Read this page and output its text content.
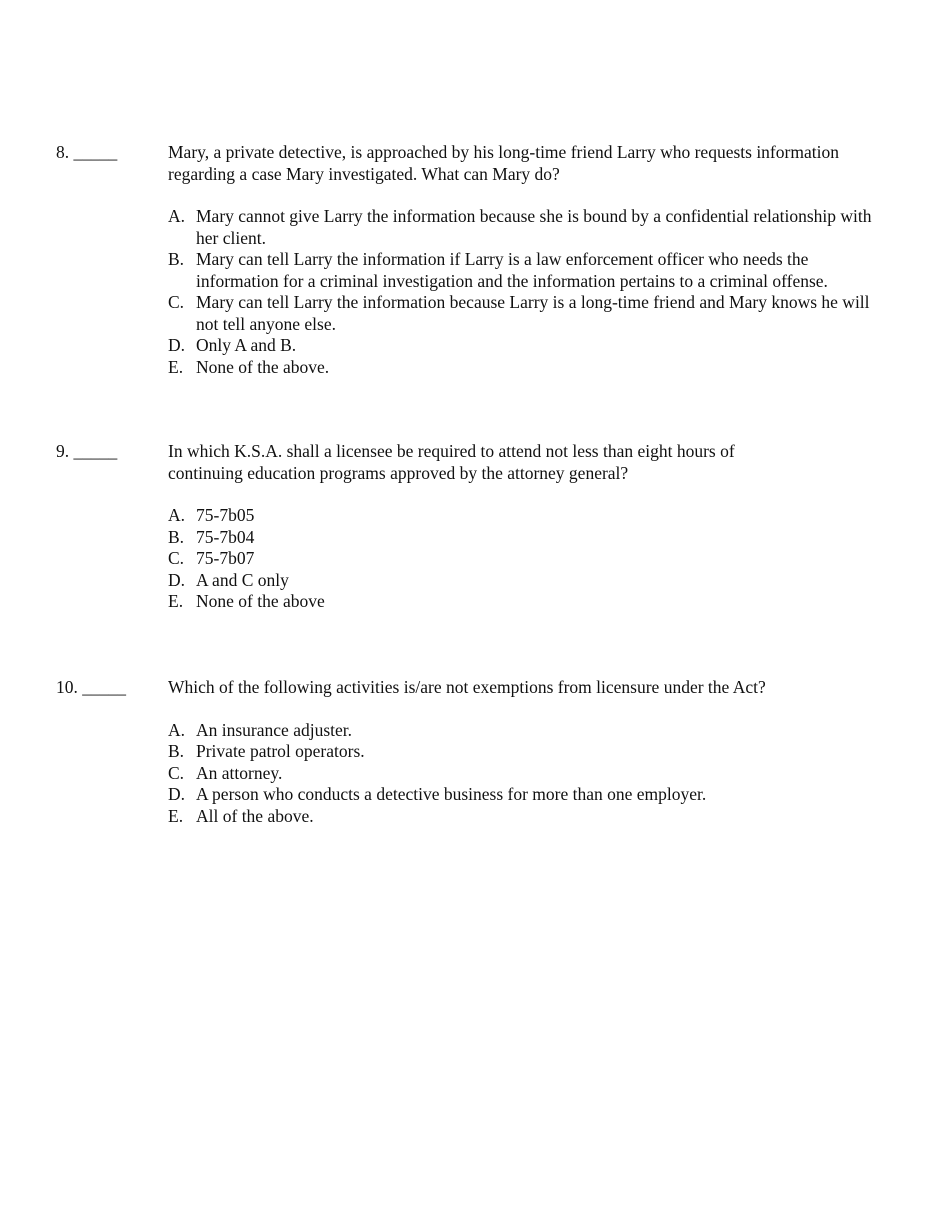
8. _____	Mary, a private detective, is approached by his long-time friend Larry who requests information regarding a case Mary investigated. What can Mary do?

A. Mary cannot give Larry the information because she is bound by a confidential relationship with her client.
B. Mary can tell Larry the information if Larry is a law enforcement officer who needs the information for a criminal investigation and the information pertains to a criminal offense.
C. Mary can tell Larry the information because Larry is a long-time friend and Mary knows he will not tell anyone else.
D. Only A and B.
E. None of the above.
9. _____	In which K.S.A. shall a licensee be required to attend not less than eight hours of continuing education programs approved by the attorney general?

A. 75-7b05
B. 75-7b04
C. 75-7b07
D. A and C only
E. None of the above
10. _____ Which of the following activities is/are not exemptions from licensure under the Act?

A. An insurance adjuster.
B. Private patrol operators.
C. An attorney.
D. A person who conducts a detective business for more than one employer.
E. All of the above.
